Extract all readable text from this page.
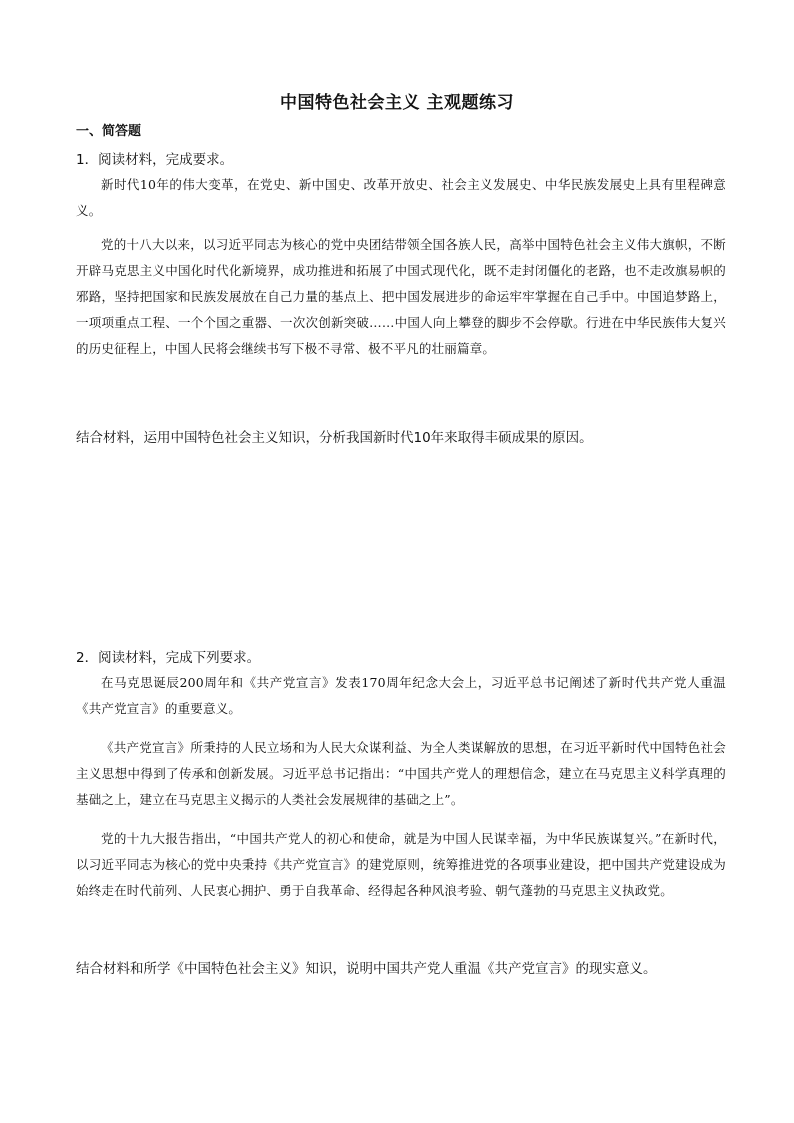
中国特色社会主义 主观题练习
一、简答题
1．阅读材料，完成要求。
新时代10年的伟大变革，在党史、新中国史、改革开放史、社会主义发展史、中华民族发展史上具有里程碑意义。
党的十八大以来，以习近平同志为核心的党中央团结带领全国各族人民，高举中国特色社会主义伟大旗帜，不断开辟马克思主义中国化时代化新境界，成功推进和拓展了中国式现代化，既不走封闭僵化的老路，也不走改旗易帜的邪路，坚持把国家和民族发展放在自己力量的基点上、把中国发展进步的命运牢牢掌握在自己手中。中国追梦路上，一项项重点工程、一个个国之重器、一次次创新突破……中国人向上攀登的脚步不会停歇。行进在中华民族伟大复兴的历史征程上，中国人民将会继续书写下极不寻常、极不平凡的壮丽篇章。
结合材料，运用中国特色社会主义知识，分析我国新时代10年来取得丰硕成果的原因。
2．阅读材料，完成下列要求。
在马克思诞辰200周年和《共产党宣言》发表170周年纪念大会上，习近平总书记阐述了新时代共产党人重温《共产党宣言》的重要意义。
《共产党宣言》所秉持的人民立场和为人民大众谋利益、为全人类谋解放的思想，在习近平新时代中国特色社会主义思想中得到了传承和创新发展。习近平总书记指出：“中国共产党人的理想信念，建立在马克思主义科学真理的基础之上，建立在马克思主义揭示的人类社会发展规律的基础之上”。
党的十九大报告指出，“中国共产党人的初心和使命，就是为中国人民谋幸福，为中华民族谋复兴。”在新时代，以习近平同志为核心的党中央秉持《共产党宣言》的建党原则，统筹推进党的各项事业建设，把中国共产党建设成为始终走在时代前列、人民衷心拥护、勇于自我革命、经得起各种风浪考验、朝气蓬勃的马克思主义执政党。
结合材料和所学《中国特色社会主义》知识，说明中国共产党人重温《共产党宣言》的现实意义。
